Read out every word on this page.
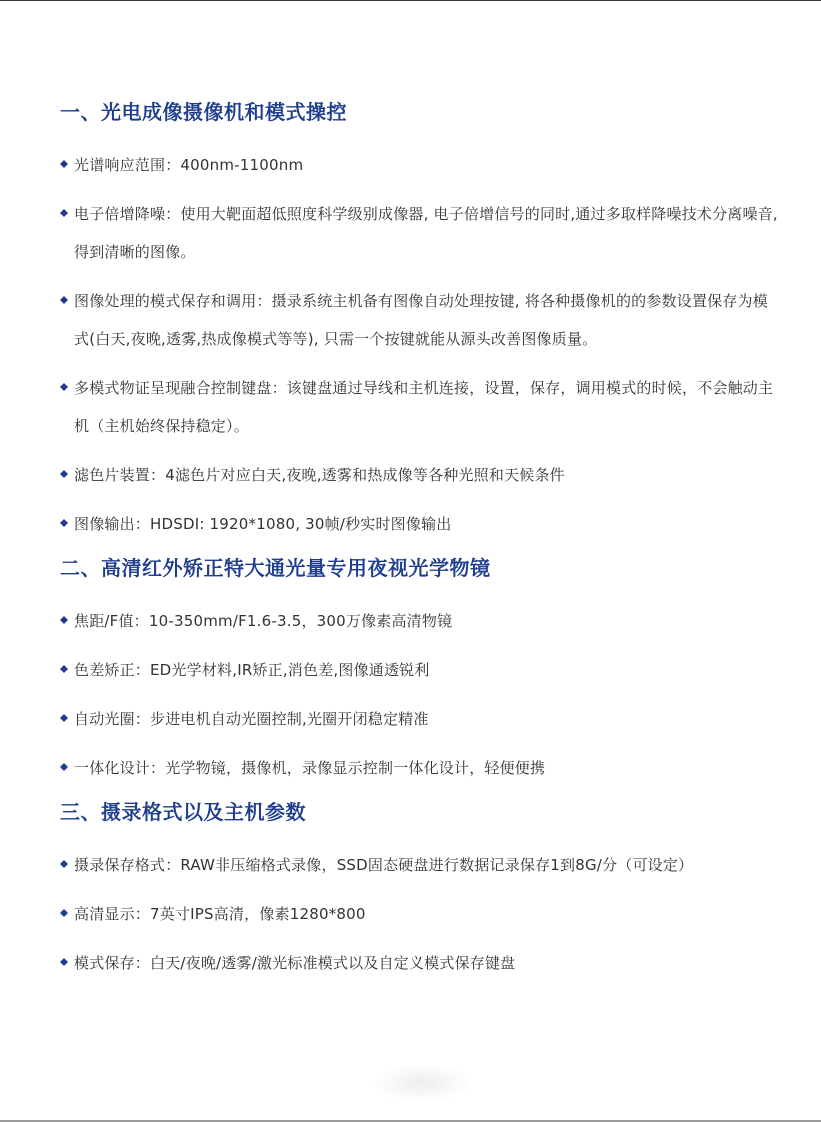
一、光电成像摄像机和模式操控
光谱响应范围：400nm-1100nm
电子倍增降噪：使用大靶面超低照度科学级别成像器, 电子倍增信号的同时,通过多取样降噪技术分离噪音,得到清晰的图像。
图像处理的模式保存和调用：摄录系统主机备有图像自动处理按键, 将各种摄像机的的参数设置保存为模式(白天,夜晚,透雾,热成像模式等等), 只需一个按键就能从源头改善图像质量。
多模式物证呈现融合控制键盘：该键盘通过导线和主机连接，设置，保存，调用模式的时候，不会触动主机（主机始终保持稳定）。
滤色片装置：4滤色片对应白天,夜晚,透雾和热成像等各种光照和天候条件
图像输出：HDSDI: 1920*1080, 30帧/秒实时图像输出
二、高清红外矫正特大通光量专用夜视光学物镜
焦距/F值：10-350mm/F1.6-3.5，300万像素高清物镜
色差矫正：ED光学材料,IR矫正,消色差,图像通透锐利
自动光圈：步进电机自动光圈控制,光圈开闭稳定精准
一体化设计：光学物镜，摄像机，录像显示控制一体化设计，轻便便携
三、摄录格式以及主机参数
摄录保存格式：RAW非压缩格式录像，SSD固态硬盘进行数据记录保存1到8G/分（可设定）
高清显示：7英寸IPS高清，像素1280*800
模式保存：白天/夜晚/透雾/激光标准模式以及自定义模式保存键盘
